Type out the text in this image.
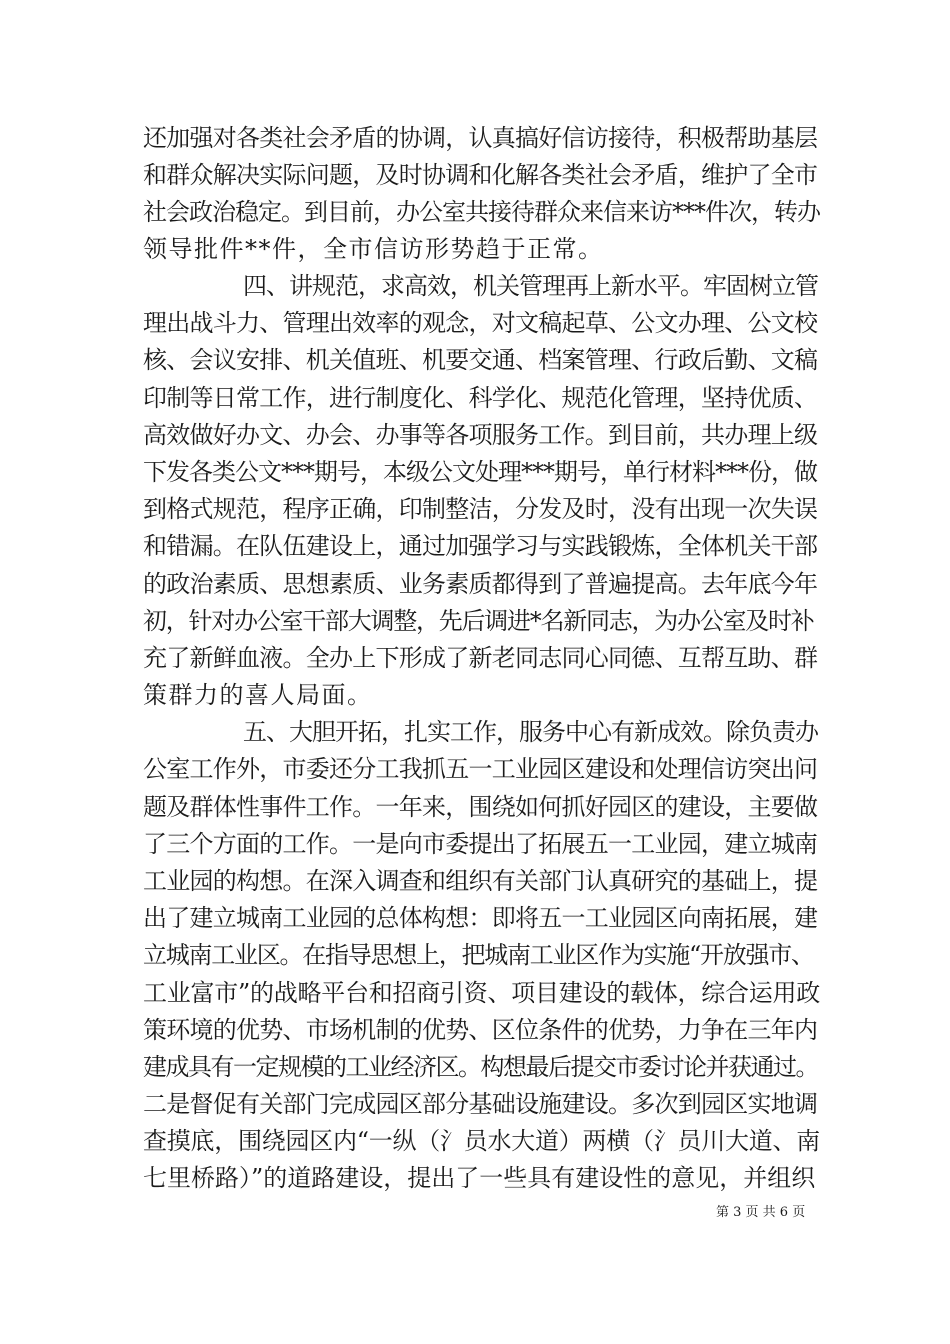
还加强对各类社会矛盾的协调，认真搞好信访接待，积极帮助基层
和群众解决实际问题，及时协调和化解各类社会矛盾，维护了全市
社会政治稳定。到目前，办公室共接待群众来信来访***件次，转办
领导批件**件，全市信访形势趋于正常。
四、讲规范，求高效，机关管理再上新水平。牢固树立管
理出战斗力、管理出效率的观念，对文稿起草、公文办理、公文校
核、会议安排、机关值班、机要交通、档案管理、行政后勤、文稿
印制等日常工作，进行制度化、科学化、规范化管理，坚持优质、
高效做好办文、办会、办事等各项服务工作。到目前，共办理上级
下发各类公文***期号，本级公文处理***期号，单行材料***份，做
到格式规范，程序正确，印制整洁，分发及时，没有出现一次失误
和错漏。在队伍建设上，通过加强学习与实践锻炼，全体机关干部
的政治素质、思想素质、业务素质都得到了普遍提高。去年底今年
初，针对办公室干部大调整，先后调进*名新同志，为办公室及时补
充了新鲜血液。全办上下形成了新老同志同心同德、互帮互助、群
策群力的喜人局面。
五、大胆开拓，扎实工作，服务中心有新成效。除负责办
公室工作外，市委还分工我抓五一工业园区建设和处理信访突出问
题及群体性事件工作。一年来，围绕如何抓好园区的建设，主要做
了三个方面的工作。一是向市委提出了拓展五一工业园，建立城南
工业园的构想。在深入调查和组织有关部门认真研究的基础上，提
出了建立城南工业园的总体构想：即将五一工业园区向南拓展，建
立城南工业区。在指导思想上，把城南工业区作为实施“开放强市、
工业富市”的战略平台和招商引资、项目建设的载体，综合运用政
策环境的优势、市场机制的优势、区位条件的优势，力争在三年内
建成具有一定规模的工业经济区。构想最后提交市委讨论并获通过。
二是督促有关部门完成园区部分基础设施建设。多次到园区实地调
查摸底，围绕园区内“一纵（氵员水大道）两横（氵员川大道、南
七里桥路）”的道路建设，提出了一些具有建设性的意见，并组织
第 3 页 共 6 页
